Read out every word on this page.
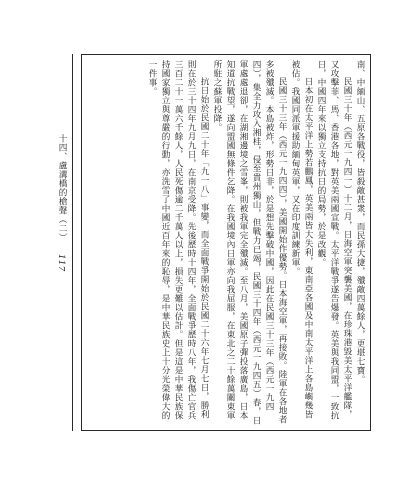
南、中緬山、五原各戰役，皆殺敵甚衆，而民孫大捷，殲敵四萬餘人，更堪七寶。

民國三十年（西元一九四一）十二月，日海空軍突襲美國，在珍珠港毀美太平洋艦隊，又攻擊菲、馬、香港各地，對英美兩國宣戰。太平洋戰爭遂告爆發。英美與我同盟，一致抗日，中國四年來以獨立支持抗日的局勢，於是改觀。

日本初在太平洋上勢若鵬鳳，英美兩皆大失利，東南亞各國及中南太平洋上各島嶼幾皆被佔。我國同派軍援助緬甸英軍，又在印度訓練新軍。

民國三十三年（西元一九四四），美國開始作優勢。日本海空軍，再接敗。陸軍在各地者多被殲滅。本島被炸，形勢日非，於是想先擊破中國，因此在民國三十三年（西元一九四四），集全力攻入湘桂，侵至貴州獨山，但戰力已竭，民國三十四年（西元一九四五）春，日軍處處退卻，在湖湘邊境之雪峯，則被我軍完全殲滅。至八月，美國原子彈投落廣島，日本知道抗戰望，遂向盟國無條件乞降。在我國境內日軍亦向我屈服，在東北之二十餘萬關東軍所駐之蘇軍投降。

抗日始於民國二十年「九一八」事變，而全面戰爭開始於民國二十六年七月七日，勝利則在於三十四年九月九日，在南京受降。先後歷時十四年，全面戰爭歷時八年，我傷亡官兵三百二十一萬六千餘人，人民死傷逾二千萬人以上，損失更難以估計。但是這是中華民族保持國家獨立與尊嚴的行動，亦洗雪了中國近百年來的恥辱，是中華民族史上十分光榮偉大的一件事。

十四、盧溝橋的槍聲（二）
117
